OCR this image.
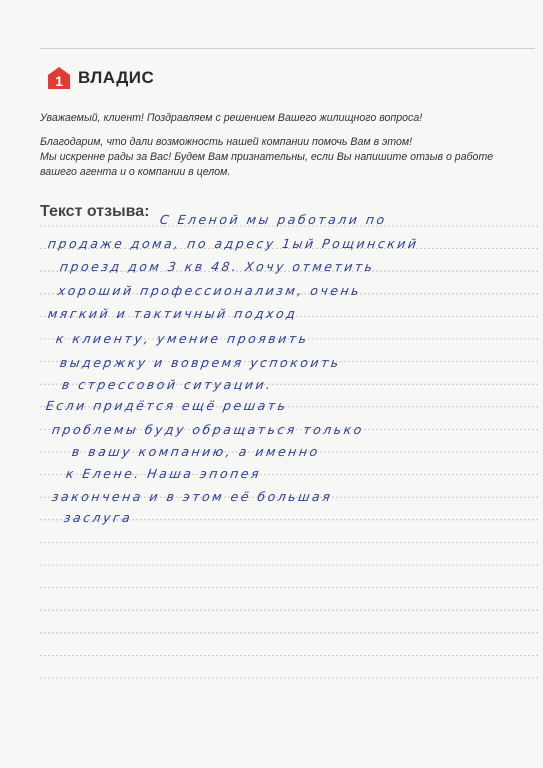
1 ВЛАДИС
Уважаемый, клиент! Поздравляем с решением Вашего жилищного вопроса!

Благодарим, что дали возможность нашей компании помочь Вам в этом!
Мы искренне рады за Вас! Будем Вам признательны, если Вы напишите отзыв о работе
вашего агента и о компании в целом.

Текст отзыва: С Еленой мы работали по
продаже дома, по адресу 1ый Рощинский
проезд дом 3 кв 48. Хочу отметить
хороший профессионализм, очень
мягкий и тактичный подход
к клиенту, умение проявить
выдержку и вовремя успокоить
в стрессовой ситуации.
Если придётся ещё решать
проблемы буду обращаться только
в вашу компанию, а именно
к Елене. Наша эпопея
закончена и в этом её большая
заслуга
